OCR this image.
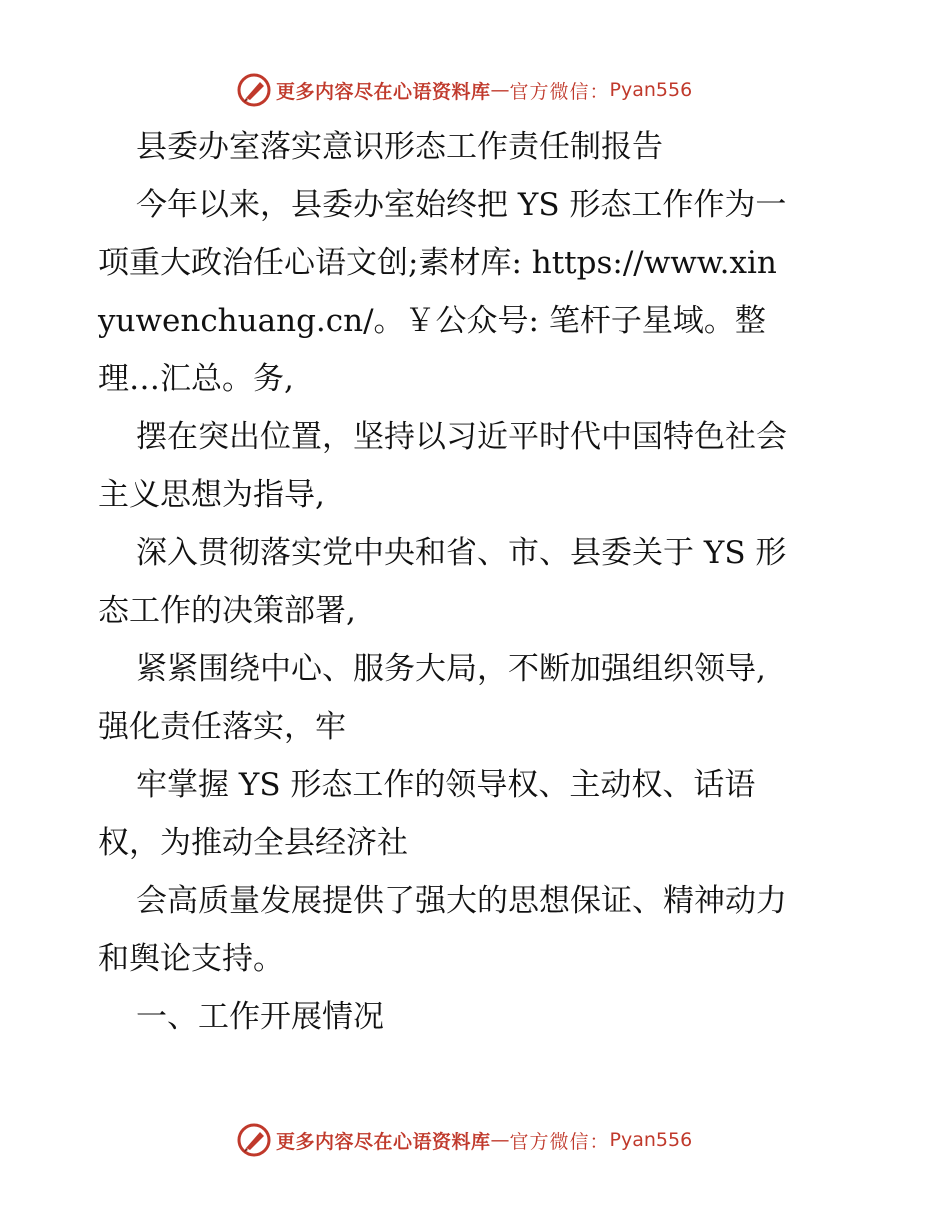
更多内容尽在心语资料库 — 官方微信： Pyan556

县委办室落实意识形态工作责任制报告

今年以来，县委办室始终把 YS 形态工作作为一

项重大政治任心语文创;素材库: https://www.xin

yuwenchuang.cn/。￥公众号: 笔杆子星域。整

理…汇总。务,

摆在突出位置，坚持以习近平时代中国特色社会

主义思想为指导,

深入贯彻落实党中央和省、市、县委关于 YS 形

态工作的决策部署,

紧紧围绕中心、服务大局，不断加强组织领导,

强化责任落实，牢

牢掌握 YS 形态工作的领导权、主动权、话语

权，为推动全县经济社

会高质量发展提供了强大的思想保证、精神动力

和舆论支持。

一、工作开展情况

更多内容尽在心语资料库 — 官方微信： Pyan556
